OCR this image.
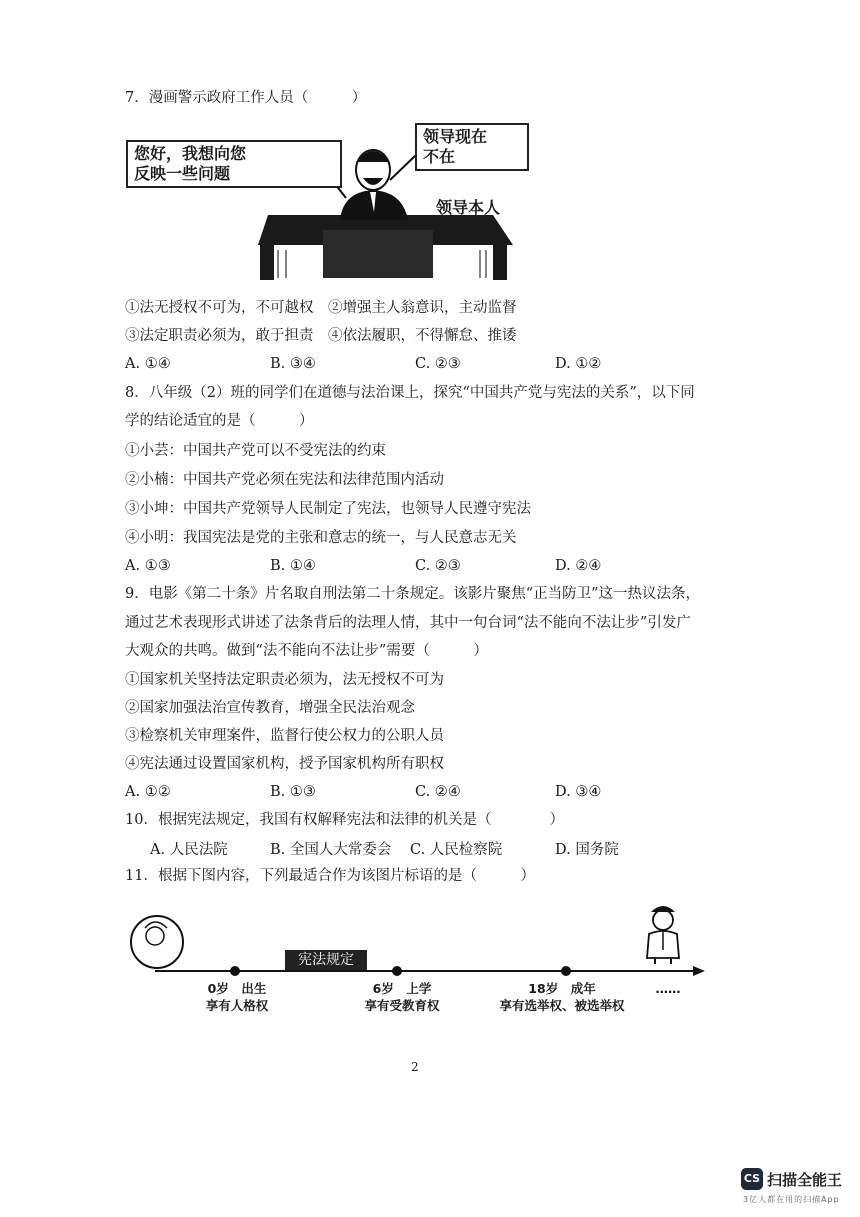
7．漫画警示政府工作人员（　　　）
您好，我想向您
反映一些问题
领导现在
不在
领导本人
①法无授权不可为，不可越权　②增强主人翁意识，主动监督
③法定职责必须为，敢于担责　④依法履职，不得懈怠、推诿
A. ①④	B. ③④	C. ②③	D. ①②
8．八年级（2）班的同学们在道德与法治课上，探究“中国共产党与宪法的关系”，以下同
学的结论适宜的是（　　　）
①小芸：中国共产党可以不受宪法的约束
②小楠：中国共产党必须在宪法和法律范围内活动
③小坤：中国共产党领导人民制定了宪法，也领导人民遵守宪法
④小明：我国宪法是党的主张和意志的统一，与人民意志无关
A. ①③	B. ①④	C. ②③	D. ②④
9．电影《第二十条》片名取自刑法第二十条规定。该影片聚焦“正当防卫”这一热议法条，
通过艺术表现形式讲述了法条背后的法理人情，其中一句台词“法不能向不法让步”引发广
大观众的共鸣。做到“法不能向不法让步”需要（　　　）
①国家机关坚持法定职责必须为，法无授权不可为
②国家加强法治宣传教育，增强全民法治观念
③检察机关审理案件，监督行使公权力的公职人员
④宪法通过设置国家机构，授予国家机构所有职权
A. ①②	B. ①③	C. ②④	D. ③④
10．根据宪法规定，我国有权解释宪法和法律的机关是（　　　　）
A. 人民法院	B. 全国人大常委会 C. 人民检察院	D. 国务院
11．根据下图内容，下列最适合作为该图片标语的是（　　　）
宪法规定
0岁　出生
享有人格权
6岁　上学
享有受教育权
18岁　成年
享有选举权、被选举权
……
2
CS 扫描全能王
3亿人都在用的扫描App
